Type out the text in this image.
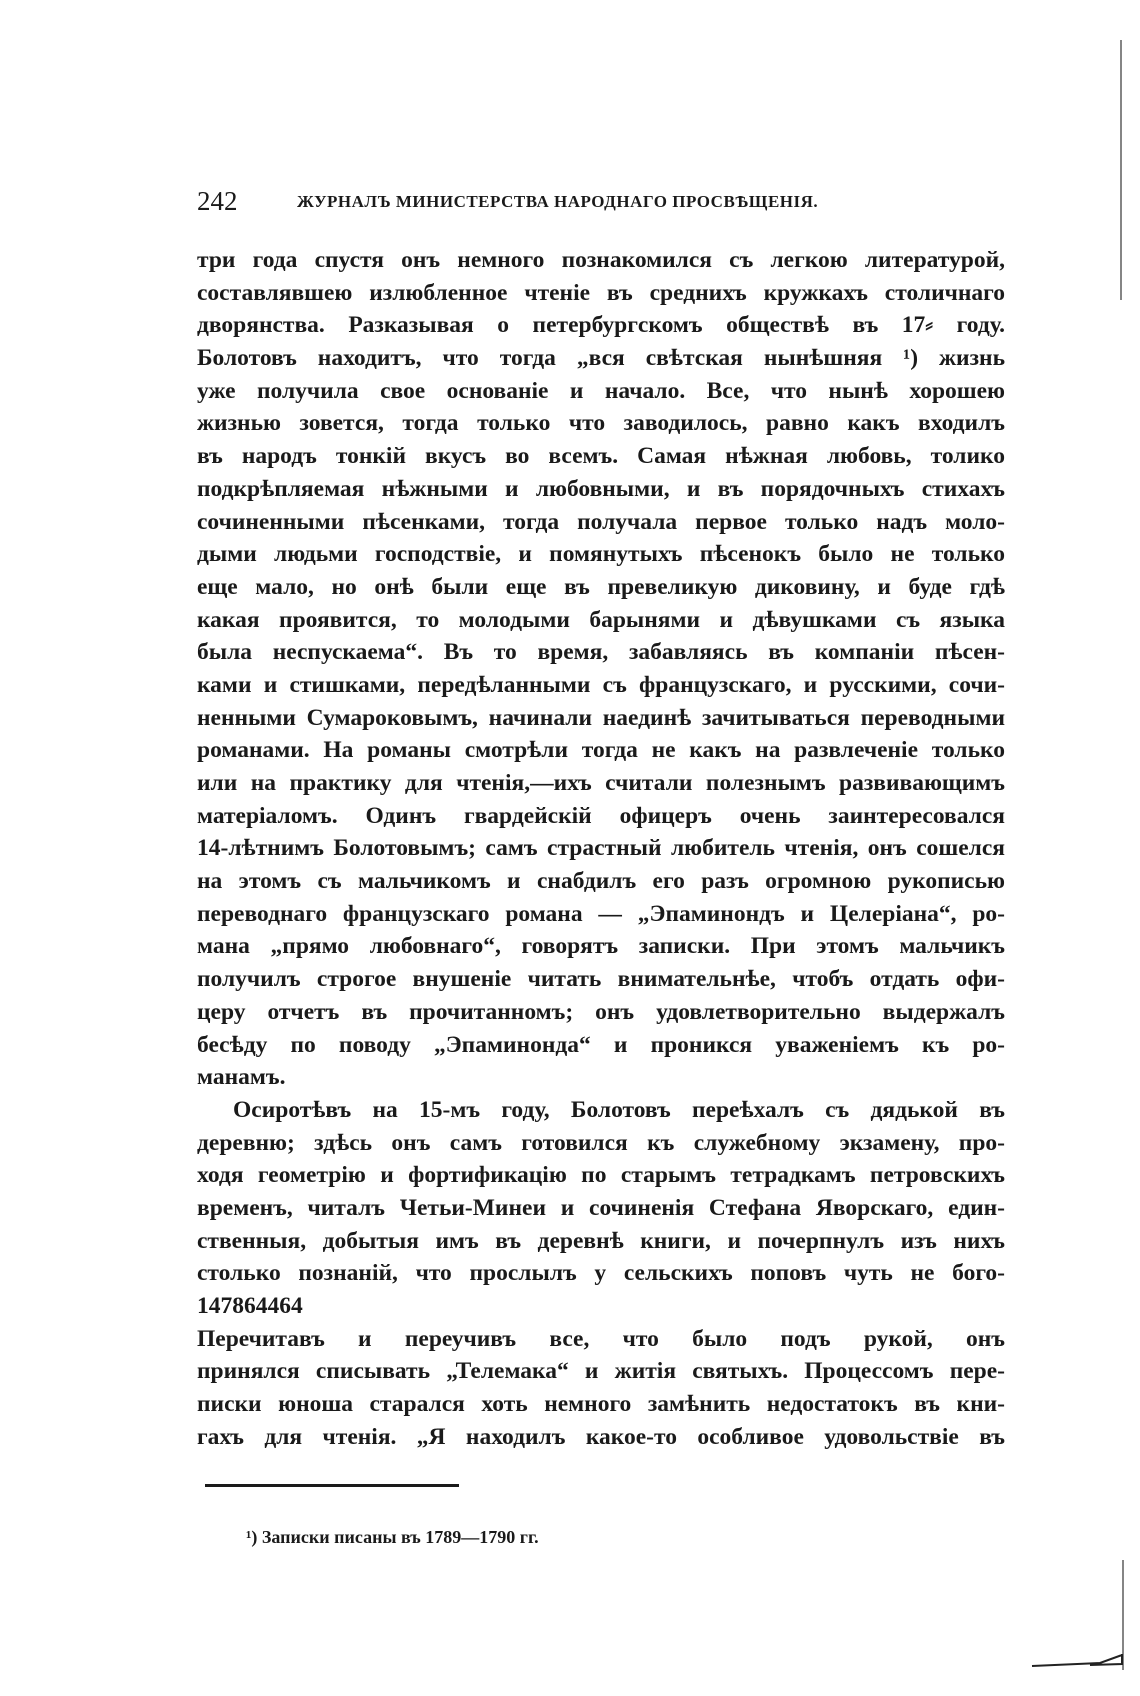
242	ЖУРНАЛЪ МИНИСТЕРСТВА НАРОДНАГО ПРОСВѢЩЕНІЯ.
три года спустя онъ немного познакомился съ легкою литературой,
составлявшею излюбленное чтеніе въ среднихъ кружкахъ столичнаго
дворянства. Разказывая о петербургскомъ обществѣ въ 17⸗ году.
Болотовъ находитъ, что тогда „вся свѣтская нынѣшняя ¹) жизнь
уже получила свое основаніе и начало. Все, что нынѣ хорошею
жизнью зовется, тогда только что заводилось, равно какъ входилъ
въ народъ тонкій вкусъ во всемъ. Самая нѣжная любовь, толико
подкрѣпляемая нѣжными и любовными, и въ порядочныхъ стихахъ
сочиненными пѣсенками, тогда получала первое только надъ моло-
дыми людьми господствіе, и помянутыхъ пѣсенокъ было не только
еще мало, но онѣ были еще въ превеликую диковину, и буде гдѣ
какая проявится, то молодыми барынями и дѣвушками съ языка
была неспускаема“. Въ то время, забавляясь въ компаніи пѣсен-
ками и стишками, передѣланными съ французскаго, и русскими, сочи-
ненными Сумароковымъ, начинали наединѣ зачитываться переводными
романами. На романы смотрѣли тогда не какъ на развлеченіе только
или на практику для чтенія,—ихъ считали полезнымъ развивающимъ
матеріаломъ. Одинъ гвардейскій офицеръ очень заинтересовался
14-лѣтнимъ Болотовымъ; самъ страстный любитель чтенія, онъ сошелся
на этомъ съ мальчикомъ и снабдилъ его разъ огромною рукописью
переводнаго французскаго романа — „Эпаминондъ и Целеріана“, ро-
мана „прямо любовнаго“, говорятъ записки. При этомъ мальчикъ
получилъ строгое внушеніе читать внимательнѣе, чтобъ отдать офи-
церу отчетъ въ прочитанномъ; онъ удовлетворительно выдержалъ
бесѣду по поводу „Эпаминонда“ и проникся уваженіемъ къ ро-
манамъ.
Осиротѣвъ на 15-мъ году, Болотовъ переѣхалъ съ дядькой въ
деревню; здѣсь онъ самъ готовился къ служебному экзамену, про-
ходя геометрію и фортификацію по старымъ тетрадкамъ петровскихъ
временъ, читалъ Четьи-Минеи и сочиненія Стефана Яворскаго, един-
ственныя, добытыя имъ въ деревнѣ книги, и почерпнулъ изъ нихъ
столько познаній, что прослылъ у сельскихъ поповъ чуть не бого-
147864464
Перечитавъ и переучивъ все, что было подъ рукой, онъ
принялся списывать „Телемака“ и житія святыхъ. Процессомъ пере-
писки юноша старался хоть немного замѣнить недостатокъ въ кни-
гахъ для чтенія. „Я находилъ какое-то особливое удовольствіе въ
¹) Записки писаны въ 1789—1790 гг.
